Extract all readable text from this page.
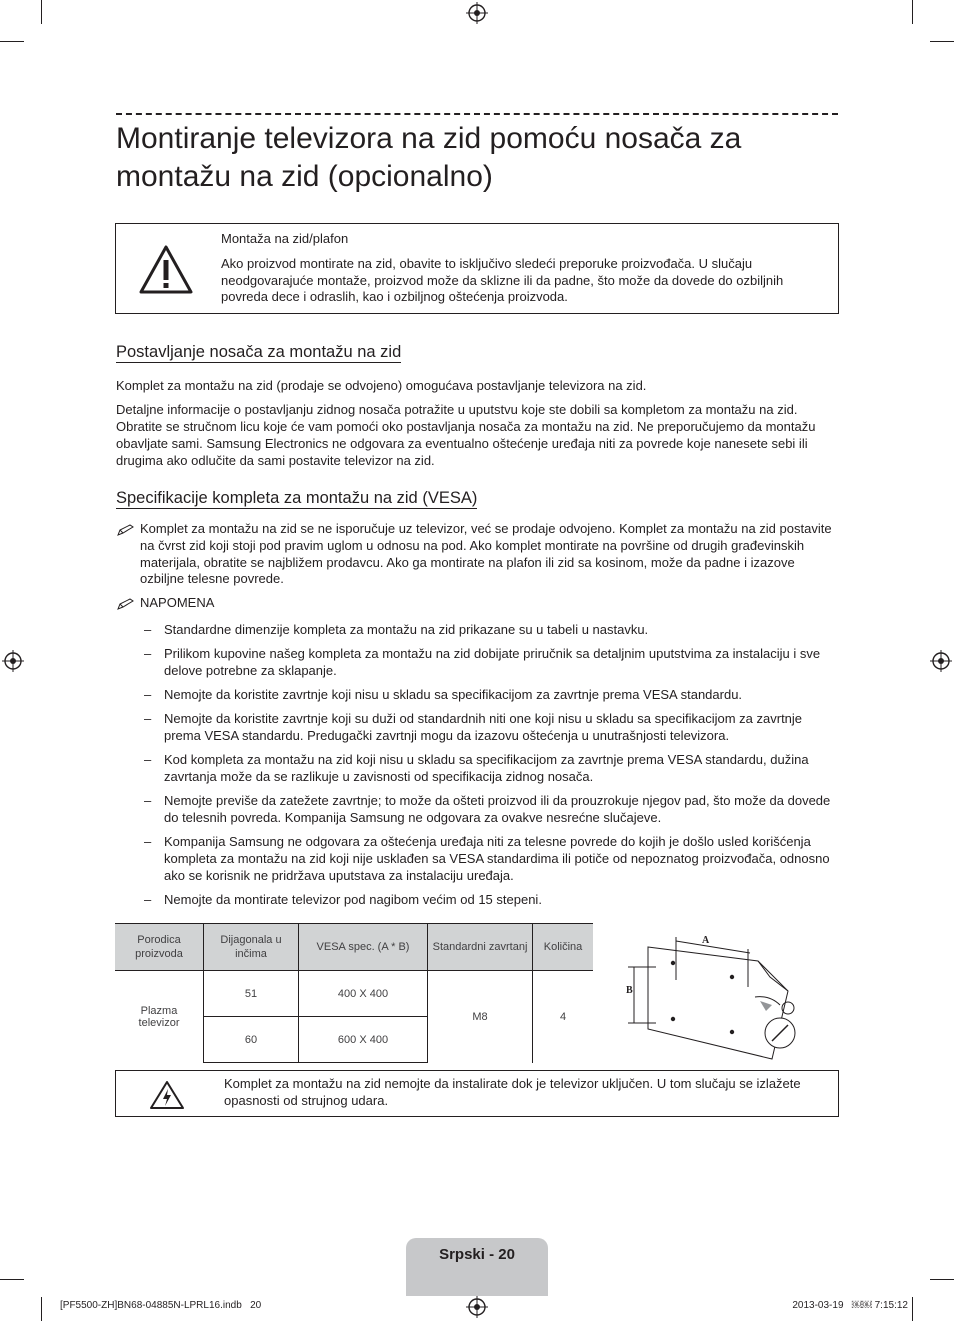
Montiranje televizora na zid pomoću nosača za montažu na zid (opcionalno)
Montaža na zid/plafon
Ako proizvod montirate na zid, obavite to isključivo sledeći preporuke proizvođača. U slučaju neodgovarajuće montaže, proizvod može da sklizne ili da padne, što može da dovede do ozbiljnih povreda dece i odraslih, kao i ozbiljnog oštećenja proizvoda.
Postavljanje nosača za montažu na zid

Komplet za montažu na zid (prodaje se odvojeno) omogućava postavljanje televizora na zid.

Detaljne informacije o postavljanju zidnog nosača potražite u uputstvu koje ste dobili sa kompletom za montažu na zid. Obratite se stručnom licu koje će vam pomoći oko postavljanja nosača za montažu na zid. Ne preporučujemo da montažu obavljate sami. Samsung Electronics ne odgovara za eventualno oštećenje uređaja niti za povrede koje nanesete sebi ili drugima ako odlučite da sami postavite televizor na zid.

Specifikacije kompleta za montažu na zid (VESA)
Komplet za montažu na zid se ne isporučuje uz televizor, već se prodaje odvojeno. Komplet za montažu na zid postavite na čvrst zid koji stoji pod pravim uglom u odnosu na pod. Ako komplet montirate na površine od drugih građevinskih materijala, obratite se najbližem prodavcu. Ako ga montirate na plafon ili zid sa kosinom, može da padne i izazove ozbiljne telesne povrede.
NAPOMENA
– Standardne dimenzije kompleta za montažu na zid prikazane su u tabeli u nastavku.
– Prilikom kupovine našeg kompleta za montažu na zid dobijate priručnik sa detaljnim uputstvima za instalaciju i sve delove potrebne za sklapanje.
– Nemojte da koristite zavrtnje koji nisu u skladu sa specifikacijom za zavrtnje prema VESA standardu.
– Nemojte da koristite zavrtnje koji su duži od standardnih niti one koji nisu u skladu sa specifikacijom za zavrtnje prema VESA standardu. Predugački zavrtnji mogu da izazovu oštećenja u unutrašnjosti televizora.
– Kod kompleta za montažu na zid koji nisu u skladu sa specifikacijom za zavrtnje prema VESA standardu, dužina zavrtanja može da se razlikuje u zavisnosti od specifikacija zidnog nosača.
– Nemojte previše da zatežete zavrtnje; to može da ošteti proizvod ili da prouzrokuje njegov pad, što može da dovede do telesnih povreda. Kompanija Samsung ne odgovara za ovakve nesrećne slučajeve.
– Kompanija Samsung ne odgovara za oštećenja uređaja niti za telesne povrede do kojih je došlo usled korišćenja kompleta za montažu na zid koji nije usklađen sa VESA standardima ili potiče od nepoznatog proizvođača, odnosno ako se korisnik ne pridržava uputstava za instalaciju uređaja.
– Nemojte da montirate televizor pod nagibom većim od 15 stepeni.
Porodica proizvoda	Dijagonala u inčima	VESA spec. (A * B)	Standardni zavrtanj	Količina
Plazma televizor	51	400 X 400	M8	4
	60	600 X 400		
A
B
Komplet za montažu na zid nemojte da instalirate dok je televizor uključen. U tom slučaju se izlažete opasnosti od strujnog udara.
Srpski - 20
[PF5500-ZH]BN68-04885N-LPRL16.indb   20	2013-03-19   ￼￼ 7:15:12
